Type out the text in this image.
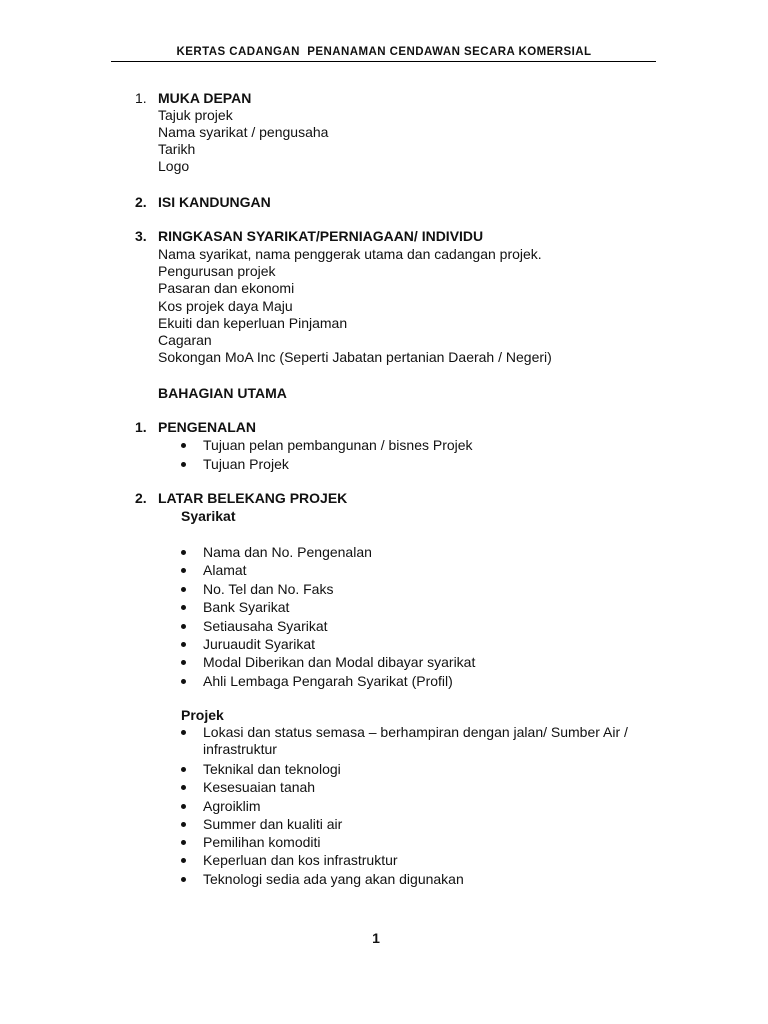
KERTAS CADANGAN  PENANAMAN CENDAWAN SECARA KOMERSIAL
1. MUKA DEPAN
Tajuk projek
Nama syarikat / pengusaha
Tarikh
Logo
2. ISI KANDUNGAN
3. RINGKASAN SYARIKAT/PERNIAGAAN/ INDIVIDU
Nama syarikat, nama penggerak utama dan cadangan projek.
Pengurusan projek
Pasaran dan ekonomi
Kos projek daya Maju
Ekuiti dan keperluan Pinjaman
Cagaran
Sokongan MoA Inc (Seperti Jabatan pertanian Daerah / Negeri)
BAHAGIAN UTAMA
1. PENGENALAN
Tujuan pelan pembangunan / bisnes Projek
Tujuan Projek
2. LATAR BELEKANG PROJEK
Syarikat
Nama dan No. Pengenalan
Alamat
No. Tel dan No. Faks
Bank Syarikat
Setiausaha Syarikat
Juruaudit Syarikat
Modal Diberikan dan Modal dibayar syarikat
Ahli Lembaga Pengarah Syarikat (Profil)
Projek
Lokasi dan status semasa – berhampiran dengan jalan/ Sumber Air / infrastruktur
Teknikal dan teknologi
Kesesuaian tanah
Agroiklim
Summer dan kualiti air
Pemilihan komoditi
Keperluan dan kos infrastruktur
Teknologi sedia ada yang akan digunakan
1
